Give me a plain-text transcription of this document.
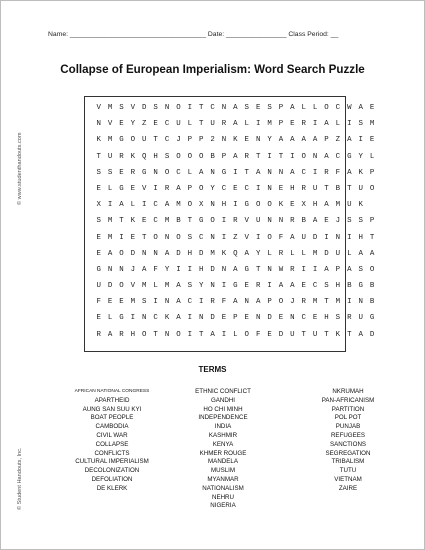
© www.studenthandouts.com
© Student Handouts, Inc.
Name: ____________________________________ Date: ________________ Class Period: __
Collapse of European Imperialism: Word Search Puzzle
V M S V D S N O I T C N A S E S P A L L O C W A E
N V E Y Z E C U L T U R A L I M P E R I A L I S M
K M G O U T C J P P 2 N K E N Y A A A A P Z A I E
T U R K Q H S O O O B P A R T I T I O N A C G Y L
S S E R G N O C L A N G I T A N N A C I R F A K P
E L G E V I R A P O Y C E C I N E H R U T B T U O
X I A L I C A M O X N H I G O O K E X H A M U K
S M T K E C M B T G O I R V U N N R B A E J S S P
E M I E T O N O S C N I Z V I O F A U D I N I H T
E A O D N N A D H D M K Q A Y L R L L M D U L A A
G N N J A F Y I I H D N A G T N W R I I A P A S O
U D O V M L M A S Y N I G E R I A A E C S H B G B
F E E M S I N A C I R F A N A P O J R M T M I N B
E L G I N C K A I N D E P E N D E N C E H S R U G
R A R H O T N O I T A I L O F E D U T U T K T A D
TERMS
AFRICAN NATIONAL CONGRESS
APARTHEID
AUNG SAN SUU KYI
BOAT PEOPLE
CAMBODIA
CIVIL WAR
COLLAPSE
CONFLICTS
CULTURAL IMPERIALISM
DECOLONIZATION
DEFOLIATION
DE KLERK
ETHNIC CONFLICT
GANDHI
HO CHI MINH
INDEPENDENCE
INDIA
KASHMIR
KENYA
KHMER ROUGE
MANDELA
MUSLIM
MYANMAR
NATIONALISM
NEHRU
NIGERIA
NKRUMAH
PAN-AFRICANISM
PARTITION
POL POT
PUNJAB
REFUGEES
SANCTIONS
SEGREGATION
TRIBALISM
TUTU
VIETNAM
ZAIRE
